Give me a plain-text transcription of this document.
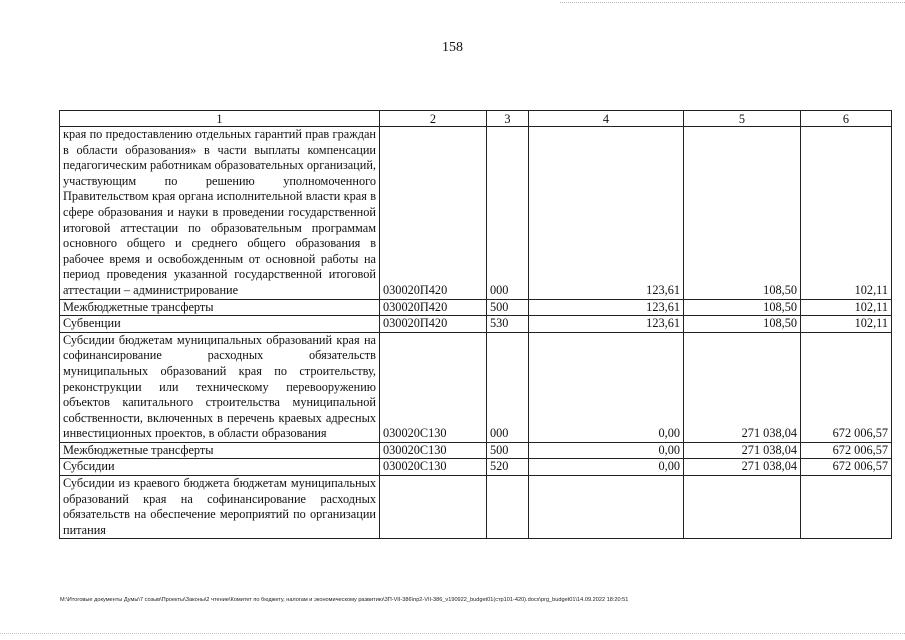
158
1	2	3	4	5	6
края по предоставлению отдельных гарантий прав граждан в области образования» в части выплаты компенсации педагогическим работникам образовательных организаций, участвующим по решению уполномоченного Правительством края органа исполнительной власти края в сфере образования и науки в проведении государственной итоговой аттестации по образовательным программам основного общего и среднего общего образования в рабочее время и освобожденным от основной работы на период проведения указанной государственной итоговой аттестации – администрирование	030020П420	000	123,61	108,50	102,11
Межбюджетные трансферты	030020П420	500	123,61	108,50	102,11
Субвенции	030020П420	530	123,61	108,50	102,11
Субсидии бюджетам муниципальных образований края на софинансирование расходных обязательств муниципальных образований края по строительству, реконструкции или техническому перевооружению объектов капитального строительства муниципальной собственности, включенных в перечень краевых адресных инвестиционных проектов, в области образования	030020С130	000	0,00	271 038,04	672 006,57
Межбюджетные трансферты	030020С130	500	0,00	271 038,04	672 006,57
Субсидии	030020С130	520	0,00	271 038,04	672 006,57
Субсидии из краевого бюджета бюджетам муниципальных образований края на софинансирование расходных обязательств на обеспечение мероприятий по организации питания					
M:\Итоговые документы Думы\7 созыв\Проекты\Законы\2 чтение\Комитет по бюджету, налогам и экономическому развитию\3П-VII-386\пр2-VII-386_v190922_budget01(стр101-420).docx\prg_budget01\14.09.2022 18:20:51
